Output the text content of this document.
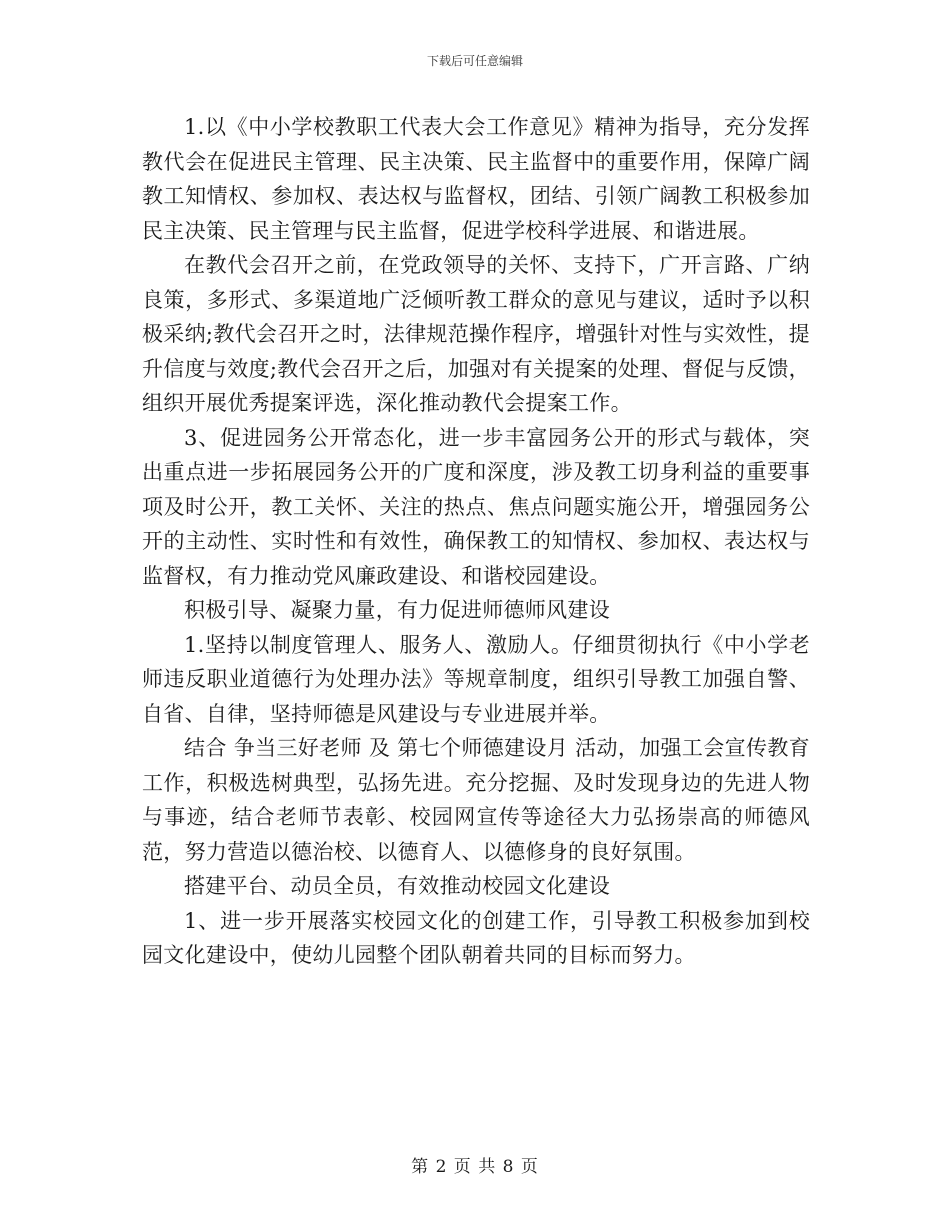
下载后可任意编辑

1.以《中小学校教职工代表大会工作意见》精神为指导，充分发挥教代会在促进民主管理、民主决策、民主监督中的重要作用，保障广阔教工知情权、参加权、表达权与监督权，团结、引领广阔教工积极参加民主决策、民主管理与民主监督，促进学校科学进展、和谐进展。

在教代会召开之前，在党政领导的关怀、支持下，广开言路、广纳良策，多形式、多渠道地广泛倾听教工群众的意见与建议，适时予以积极采纳;教代会召开之时，法律规范操作程序，增强针对性与实效性，提升信度与效度;教代会召开之后，加强对有关提案的处理、督促与反馈，组织开展优秀提案评选，深化推动教代会提案工作。

3、促进园务公开常态化，进一步丰富园务公开的形式与载体，突出重点进一步拓展园务公开的广度和深度，涉及教工切身利益的重要事项及时公开，教工关怀、关注的热点、焦点问题实施公开，增强园务公开的主动性、实时性和有效性，确保教工的知情权、参加权、表达权与监督权，有力推动党风廉政建设、和谐校园建设。

积极引导、凝聚力量，有力促进师德师风建设

1.坚持以制度管理人、服务人、激励人。仔细贯彻执行《中小学老师违反职业道德行为处理办法》等规章制度，组织引导教工加强自警、自省、自律，坚持师德是风建设与专业进展并举。

结合 争当三好老师 及 第七个师德建设月 活动，加强工会宣传教育工作，积极选树典型，弘扬先进。充分挖掘、及时发现身边的先进人物与事迹，结合老师节表彰、校园网宣传等途径大力弘扬崇高的师德风范，努力营造以德治校、以德育人、以德修身的良好氛围。

搭建平台、动员全员，有效推动校园文化建设

1、进一步开展落实校园文化的创建工作，引导教工积极参加到校园文化建设中，使幼儿园整个团队朝着共同的目标而努力。

第 2 页 共 8 页
